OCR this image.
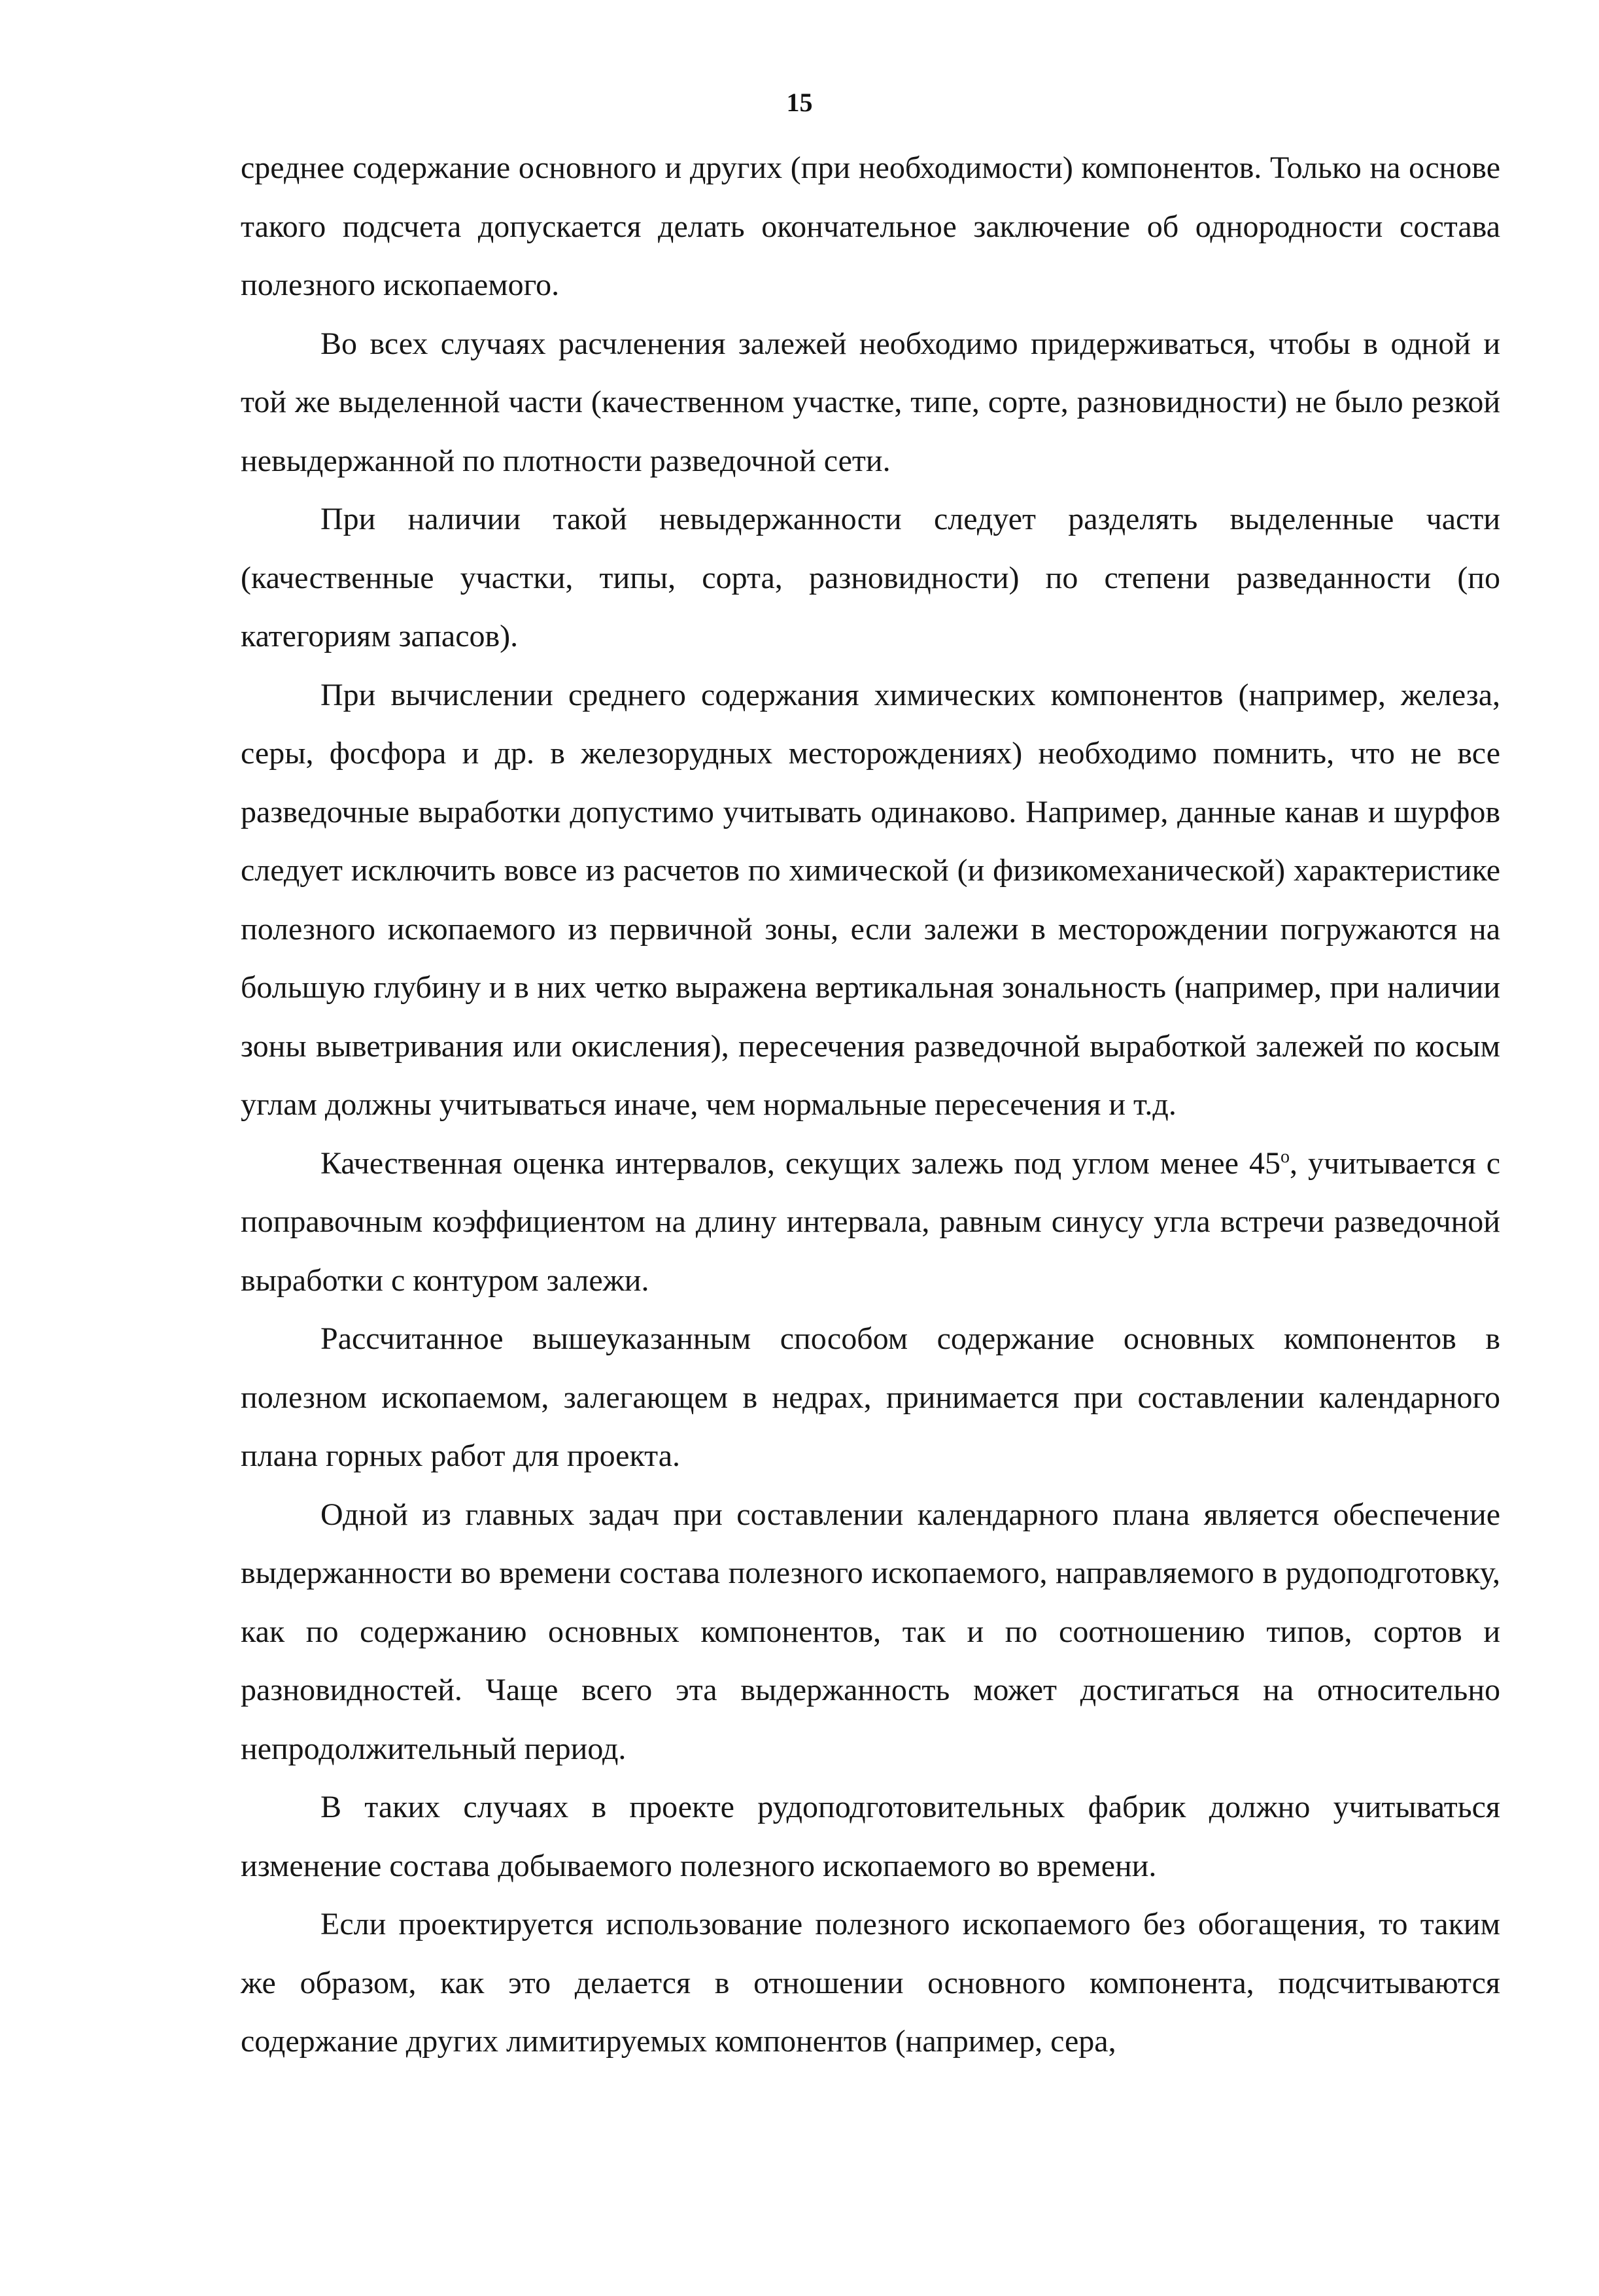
15

среднее содержание основного и других (при необходимости) компонентов. Только на основе такого подсчета допускается делать окончательное заключение об однородности состава полезного ископаемого.

Во всех случаях расчленения залежей необходимо придерживаться, чтобы в одной и той же выделенной части (качественном участке, типе, сорте, разновидности) не было резкой невыдержанной по плотности разведочной сети.

При наличии такой невыдержанности следует разделять выделенные части (качественные участки, типы, сорта, разновидности) по степени разведанности (по категориям запасов).

При вычислении среднего содержания химических компонентов (например, железа, серы, фосфора и др. в железорудных месторождениях) необходимо помнить, что не все разведочные выработки допустимо учитывать одинаково. Например, данные канав и шурфов следует исключить вовсе из расчетов по химической (и физикомеханической) характеристике полезного ископаемого из первичной зоны, если залежи в месторождении погружаются на большую глубину и в них четко выражена вертикальная зональность (например, при наличии зоны выветривания или окисления), пересечения разведочной выработкой залежей по косым углам должны учитываться иначе, чем нормальные пересечения и т.д.

Качественная оценка интервалов, секущих залежь под углом менее $45^о$, учитывается с поправочным коэффициентом на длину интервала, равным синусу угла встречи разведочной выработки с контуром залежи.

Рассчитанное вышеуказанным способом содержание основных компонентов в полезном ископаемом, залегающем в недрах, принимается при составлении календарного плана горных работ для проекта.

Одной из главных задач при составлении календарного плана является обеспечение выдержанности во времени состава полезного ископаемого, направляемого в рудоподготовку, как по содержанию основных компонентов, так и по соотношению типов, сортов и разновидностей. Чаще всего эта выдержанность может достигаться на относительно непродолжительный период.

В таких случаях в проекте рудоподготовительных фабрик должно учитываться изменение состава добываемого полезного ископаемого во времени.

Если проектируется использование полезного ископаемого без обогащения, то таким же образом, как это делается в отношении основного компонента, подсчитываются содержание других лимитируемых компонентов (например, сера,
